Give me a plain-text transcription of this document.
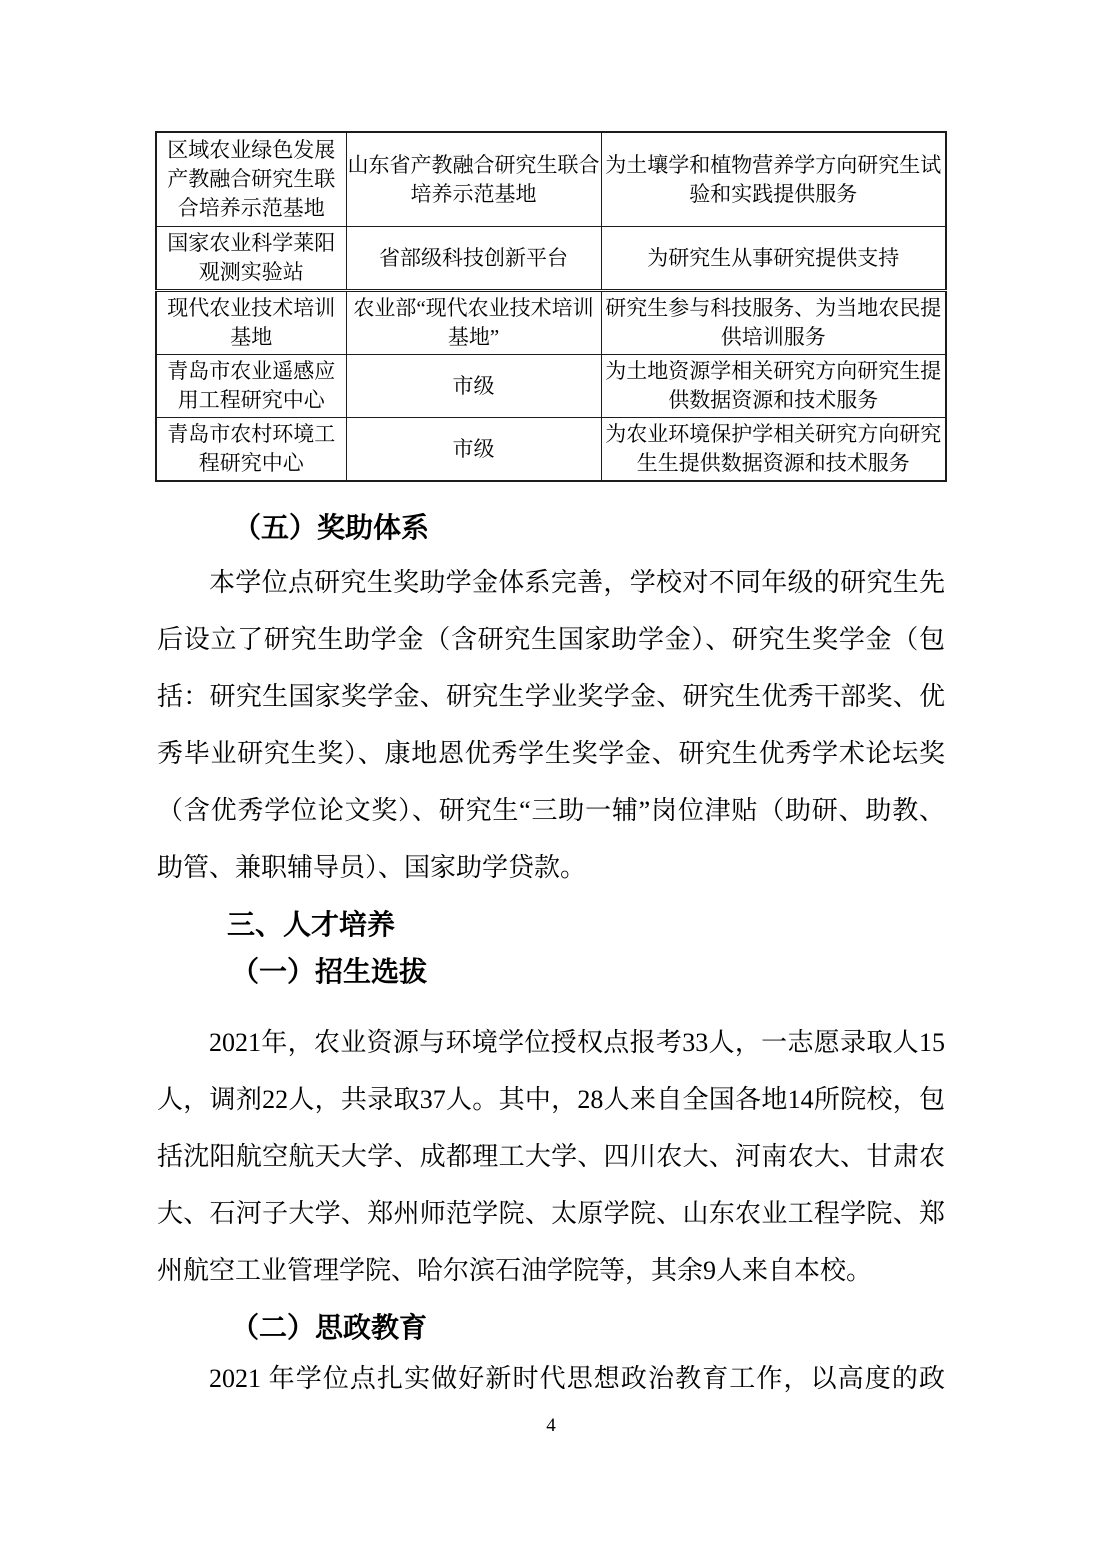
区域农业绿色发展产教融合研究生联合培养示范基地	山东省产教融合研究生联合培养示范基地	为土壤学和植物营养学方向研究生试验和实践提供服务
国家农业科学莱阳观测实验站	省部级科技创新平台	为研究生从事研究提供支持
现代农业技术培训基地	农业部“现代农业技术培训基地”	研究生参与科技服务、为当地农民提供培训服务
青岛市农业遥感应用工程研究中心	市级	为土地资源学相关研究方向研究生提供数据资源和技术服务
青岛市农村环境工程研究中心	市级	为农业环境保护学相关研究方向研究生生提供数据资源和技术服务
（五）奖助体系
本学位点研究生奖助学金体系完善，学校对不同年级的研究生先
后设立了研究生助学金（含研究生国家助学金）、研究生奖学金（包
括：研究生国家奖学金、研究生学业奖学金、研究生优秀干部奖、优
秀毕业研究生奖）、康地恩优秀学生奖学金、研究生优秀学术论坛奖
（含优秀学位论文奖）、研究生“三助一辅”岗位津贴（助研、助教、
助管、兼职辅导员）、国家助学贷款。
三、人才培养
（一）招生选拔
2021年，农业资源与环境学位授权点报考33人，一志愿录取人15
人，调剂22人，共录取37人。其中，28人来自全国各地14所院校，包
括沈阳航空航天大学、成都理工大学、四川农大、河南农大、甘肃农
大、石河子大学、郑州师范学院、太原学院、山东农业工程学院、郑
州航空工业管理学院、哈尔滨石油学院等，其余9人来自本校。
（二）思政教育
2021 年学位点扎实做好新时代思想政治教育工作，以高度的政
4
